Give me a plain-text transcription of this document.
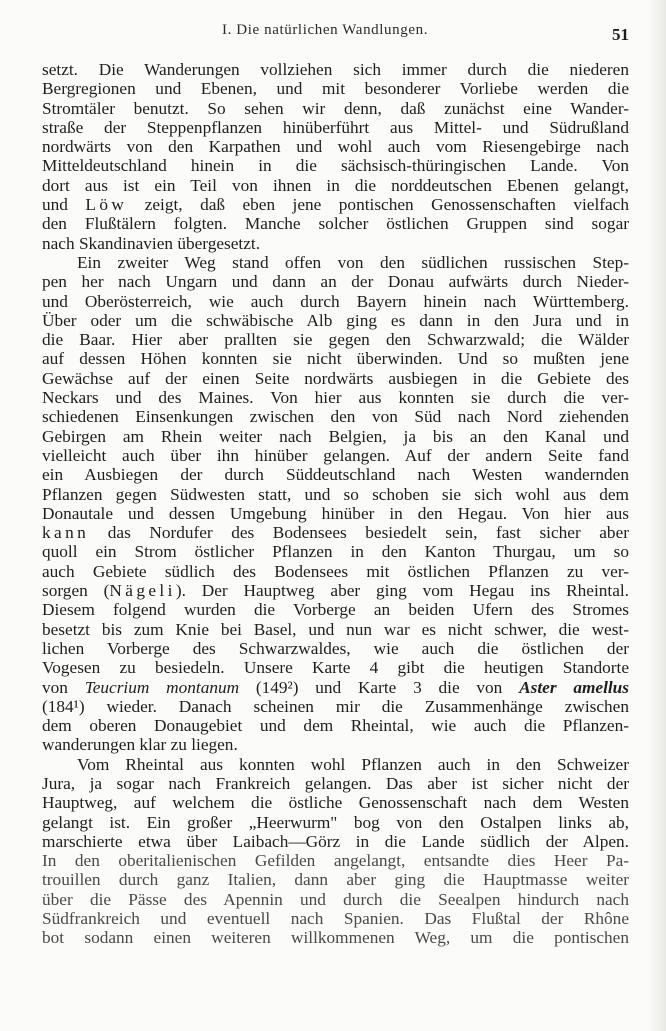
I. Die natürlichen Wandlungen.	51
setzt. Die Wanderungen vollziehen sich immer durch die niederen
Bergregionen und Ebenen, und mit besonderer Vorliebe werden die
Stromtäler benutzt. So sehen wir denn, daß zunächst eine Wander-
straße der Steppenpflanzen hinüberführt aus Mittel- und Südrußland
nordwärts von den Karpathen und wohl auch vom Riesengebirge nach
Mitteldeutschland hinein in die sächsisch-thüringischen Lande. Von
dort aus ist ein Teil von ihnen in die norddeutschen Ebenen gelangt,
und Löw zeigt, daß eben jene pontischen Genossenschaften vielfach
den Flußtälern folgten. Manche solcher östlichen Gruppen sind sogar
nach Skandinavien übergesetzt.
Ein zweiter Weg stand offen von den südlichen russischen Step-
pen her nach Ungarn und dann an der Donau aufwärts durch Nieder-
und Oberösterreich, wie auch durch Bayern hinein nach Württemberg.
Über oder um die schwäbische Alb ging es dann in den Jura und in
die Baar. Hier aber prallten sie gegen den Schwarzwald; die Wälder
auf dessen Höhen konnten sie nicht überwinden. Und so mußten jene
Gewächse auf der einen Seite nordwärts ausbiegen in die Gebiete des
Neckars und des Maines. Von hier aus konnten sie durch die ver-
schiedenen Einsenkungen zwischen den von Süd nach Nord ziehenden
Gebirgen am Rhein weiter nach Belgien, ja bis an den Kanal und
vielleicht auch über ihn hinüber gelangen. Auf der andern Seite fand
ein Ausbiegen der durch Süddeutschland nach Westen wandernden
Pflanzen gegen Südwesten statt, und so schoben sie sich wohl aus dem
Donautale und dessen Umgebung hinüber in den Hegau. Von hier aus
kann das Nordufer des Bodensees besiedelt sein, fast sicher aber
quoll ein Strom östlicher Pflanzen in den Kanton Thurgau, um so
auch Gebiete südlich des Bodensees mit östlichen Pflanzen zu ver-
sorgen (Nägeli). Der Hauptweg aber ging vom Hegau ins Rheintal.
Diesem folgend wurden die Vorberge an beiden Ufern des Stromes
besetzt bis zum Knie bei Basel, und nun war es nicht schwer, die west-
lichen Vorberge des Schwarzwaldes, wie auch die östlichen der
Vogesen zu besiedeln. Unsere Karte 4 gibt die heutigen Standorte
von Teucrium montanum (149²) und Karte 3 die von Aster amellus
(184¹) wieder. Danach scheinen mir die Zusammenhänge zwischen
dem oberen Donaugebiet und dem Rheintal, wie auch die Pflanzen-
wanderungen klar zu liegen.
Vom Rheintal aus konnten wohl Pflanzen auch in den Schweizer
Jura, ja sogar nach Frankreich gelangen. Das aber ist sicher nicht der
Hauptweg, auf welchem die östliche Genossenschaft nach dem Westen
gelangt ist. Ein großer „Heerwurm" bog von den Ostalpen links ab,
marschierte etwa über Laibach—Görz in die Lande südlich der Alpen.
In den oberitalienischen Gefilden angelangt, entsandte dies Heer Pa-
trouillen durch ganz Italien, dann aber ging die Hauptmasse weiter
über die Pässe des Apennin und durch die Seealpen hindurch nach
Südfrankreich und eventuell nach Spanien. Das Flußtal der Rhône
bot sodann einen weiteren willkommenen Weg, um die pontischen
